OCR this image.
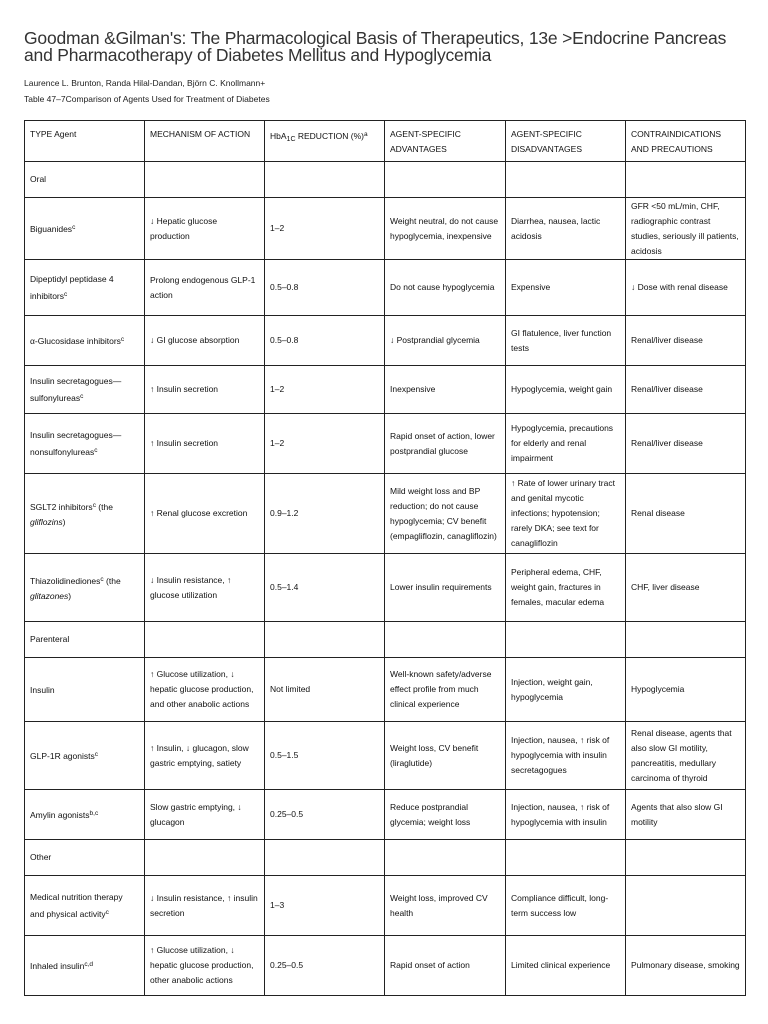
Goodman &Gilman's: The Pharmacological Basis of Therapeutics, 13e >Endocrine Pancreas and Pharmacotherapy of Diabetes Mellitus and Hypoglycemia
Laurence L. Brunton, Randa Hilal-Dandan, Björn C. Knollmann+
Table 47–7Comparison of Agents Used for Treatment of Diabetes
TYPE Agent	MECHANISM OF ACTION	HbA$_{1C}$ REDUCTION (%)$^a$	AGENT-SPECIFIC ADVANTAGES	AGENT-SPECIFIC DISADVANTAGES	CONTRAINDICATIONS AND PRECAUTIONS
Oral					
Biguanides$^c$	↓ Hepatic glucose production	1–2	Weight neutral, do not cause hypoglycemia, inexpensive	Diarrhea, nausea, lactic acidosis	GFR <50 mL/min, CHF, radiographic contrast studies, seriously ill patients, acidosis
Dipeptidyl peptidase 4 inhibitors$^c$	Prolong endogenous GLP-1 action	0.5–0.8	Do not cause hypoglycemia	Expensive	↓ Dose with renal disease
α-Glucosidase inhibitors$^c$	↓ GI glucose absorption	0.5–0.8	↓ Postprandial glycemia	GI flatulence, liver function tests	Renal/liver disease
Insulin secretagogues—sulfonylureas$^c$	↑ Insulin secretion	1–2	Inexpensive	Hypoglycemia, weight gain	Renal/liver disease
Insulin secretagogues—nonsulfonylureas$^c$	↑ Insulin secretion	1–2	Rapid onset of action, lower postprandial glucose	Hypoglycemia, precautions for elderly and renal impairment	Renal/liver disease
SGLT2 inhibitors$^c$ (the gliflozins)	↑ Renal glucose excretion	0.9–1.2	Mild weight loss and BP reduction; do not cause hypoglycemia; CV benefit (empagliflozin, canagliflozin)	↑ Rate of lower urinary tract and genital mycotic infections; hypotension; rarely DKA; see text for canagliflozin	Renal disease
Thiazolidinediones$^c$ (the glitazones)	↓ Insulin resistance, ↑ glucose utilization	0.5–1.4	Lower insulin requirements	Peripheral edema, CHF, weight gain, fractures in females, macular edema	CHF, liver disease
Parenteral					
Insulin	↑ Glucose utilization, ↓ hepatic glucose production, and other anabolic actions	Not limited	Well-known safety/adverse effect profile from much clinical experience	Injection, weight gain, hypoglycemia	Hypoglycemia
GLP-1R agonists$^c$	↑ Insulin, ↓ glucagon, slow gastric emptying, satiety	0.5–1.5	Weight loss, CV benefit (liraglutide)	Injection, nausea, ↑ risk of hypoglycemia with insulin secretagogues	Renal disease, agents that also slow GI motility, pancreatitis, medullary carcinoma of thyroid
Amylin agonists$^{b,c}$	Slow gastric emptying, ↓ glucagon	0.25–0.5	Reduce postprandial glycemia; weight loss	Injection, nausea, ↑ risk of hypoglycemia with insulin	Agents that also slow GI motility
Other					
Medical nutrition therapy and physical activity$^c$	↓ Insulin resistance, ↑ insulin secretion	1–3	Weight loss, improved CV health	Compliance difficult, long-term success low	
Inhaled insulin$^{c,d}$	↑ Glucose utilization, ↓ hepatic glucose production, other anabolic actions	0.25–0.5	Rapid onset of action	Limited clinical experience	Pulmonary disease, smoking
